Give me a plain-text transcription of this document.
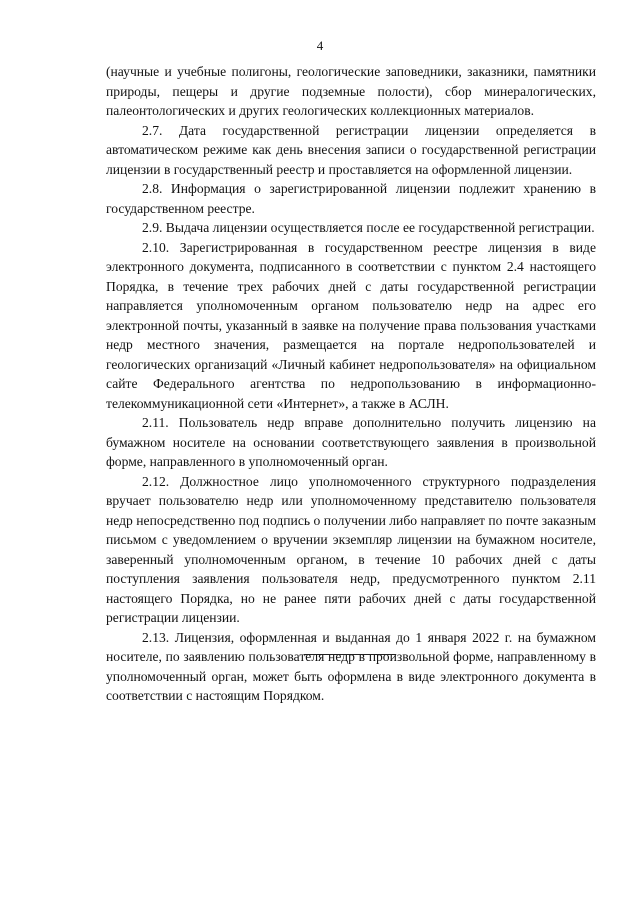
4

(научные и учебные полигоны, геологические заповедники, заказники, памятники природы, пещеры и другие подземные полости), сбор минералогических, палеонтологических и других геологических коллекционных материалов.

2.7. Дата государственной регистрации лицензии определяется в автоматическом режиме как день внесения записи о государственной регистрации лицензии в государственный реестр и проставляется на оформленной лицензии.

2.8. Информация о зарегистрированной лицензии подлежит хранению в государственном реестре.

2.9. Выдача лицензии осуществляется после ее государственной регистрации.

2.10. Зарегистрированная в государственном реестре лицензия в виде электронного документа, подписанного в соответствии с пунктом 2.4 настоящего Порядка, в течение трех рабочих дней с даты государственной регистрации направляется уполномоченным органом пользователю недр на адрес его электронной почты, указанный в заявке на получение права пользования участками недр местного значения, размещается на портале недропользователей и геологических организаций «Личный кабинет недропользователя» на официальном сайте Федерального агентства по недропользованию в информационно-телекоммуникационной сети «Интернет», а также в АСЛН.

2.11. Пользователь недр вправе дополнительно получить лицензию на бумажном носителе на основании соответствующего заявления в произвольной форме, направленного в уполномоченный орган.

2.12. Должностное лицо уполномоченного структурного подразделения вручает пользователю недр или уполномоченному представителю пользователя недр непосредственно под подпись о получении либо направляет по почте заказным письмом с уведомлением о вручении экземпляр лицензии на бумажном носителе, заверенный уполномоченным органом, в течение 10 рабочих дней с даты поступления заявления пользователя недр, предусмотренного пунктом 2.11 настоящего Порядка, но не ранее пяти рабочих дней с даты государственной регистрации лицензии.

2.13. Лицензия, оформленная и выданная до 1 января 2022 г. на бумажном носителе, по заявлению пользователя недр в произвольной форме, направленному в уполномоченный орган, может быть оформлена в виде электронного документа в соответствии с настоящим Порядком.
